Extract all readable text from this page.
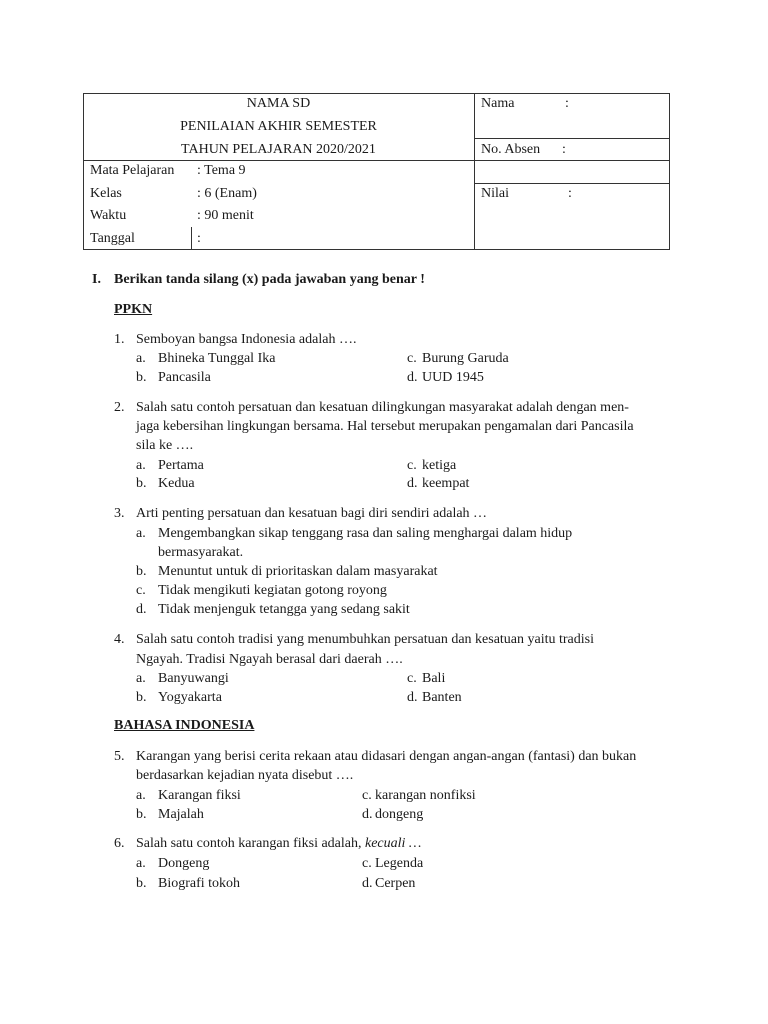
NAMA SD
PENILAIAN AKHIR SEMESTER
TAHUN PELAJARAN 2020/2021
Nama	:
No. Absen :
Nilai	:
Mata Pelajaran : Tema 9
Kelas	: 6 (Enam)
Waktu	: 90 menit
Tanggal	:
I. Berikan tanda silang (x) pada jawaban yang benar !
PPKN
1. Semboyan bangsa Indonesia adalah ….
a. Bhineka Tunggal Ika	c. Burung Garuda
b. Pancasila	d. UUD 1945
2. Salah satu contoh persatuan dan kesatuan dilingkungan masyarakat adalah dengan men-
jaga kebersihan lingkungan bersama. Hal tersebut merupakan pengamalan dari Pancasila
sila ke ….
a. Pertama	c. ketiga
b. Kedua	d. keempat
3. Arti penting persatuan dan kesatuan bagi diri sendiri adalah …
a. Mengembangkan sikap tenggang rasa dan saling menghargai dalam hidup
bermasyarakat.
b. Menuntut untuk di prioritaskan dalam masyarakat
c. Tidak mengikuti kegiatan gotong royong
d. Tidak menjenguk tetangga yang sedang sakit
4. Salah satu contoh tradisi yang menumbuhkan persatuan dan kesatuan yaitu tradisi
Ngayah. Tradisi Ngayah berasal dari daerah ….
a. Banyuwangi	c. Bali
b. Yogyakarta	d. Banten
BAHASA INDONESIA
5. Karangan yang berisi cerita rekaan atau didasari dengan angan-angan (fantasi) dan bukan
berdasarkan kejadian nyata disebut ….
a. Karangan fiksi	c. karangan nonfiksi
b. Majalah	d. dongeng
6. Salah satu contoh karangan fiksi adalah, kecuali …
a. Dongeng	c. Legenda
b. Biografi tokoh	d. Cerpen
